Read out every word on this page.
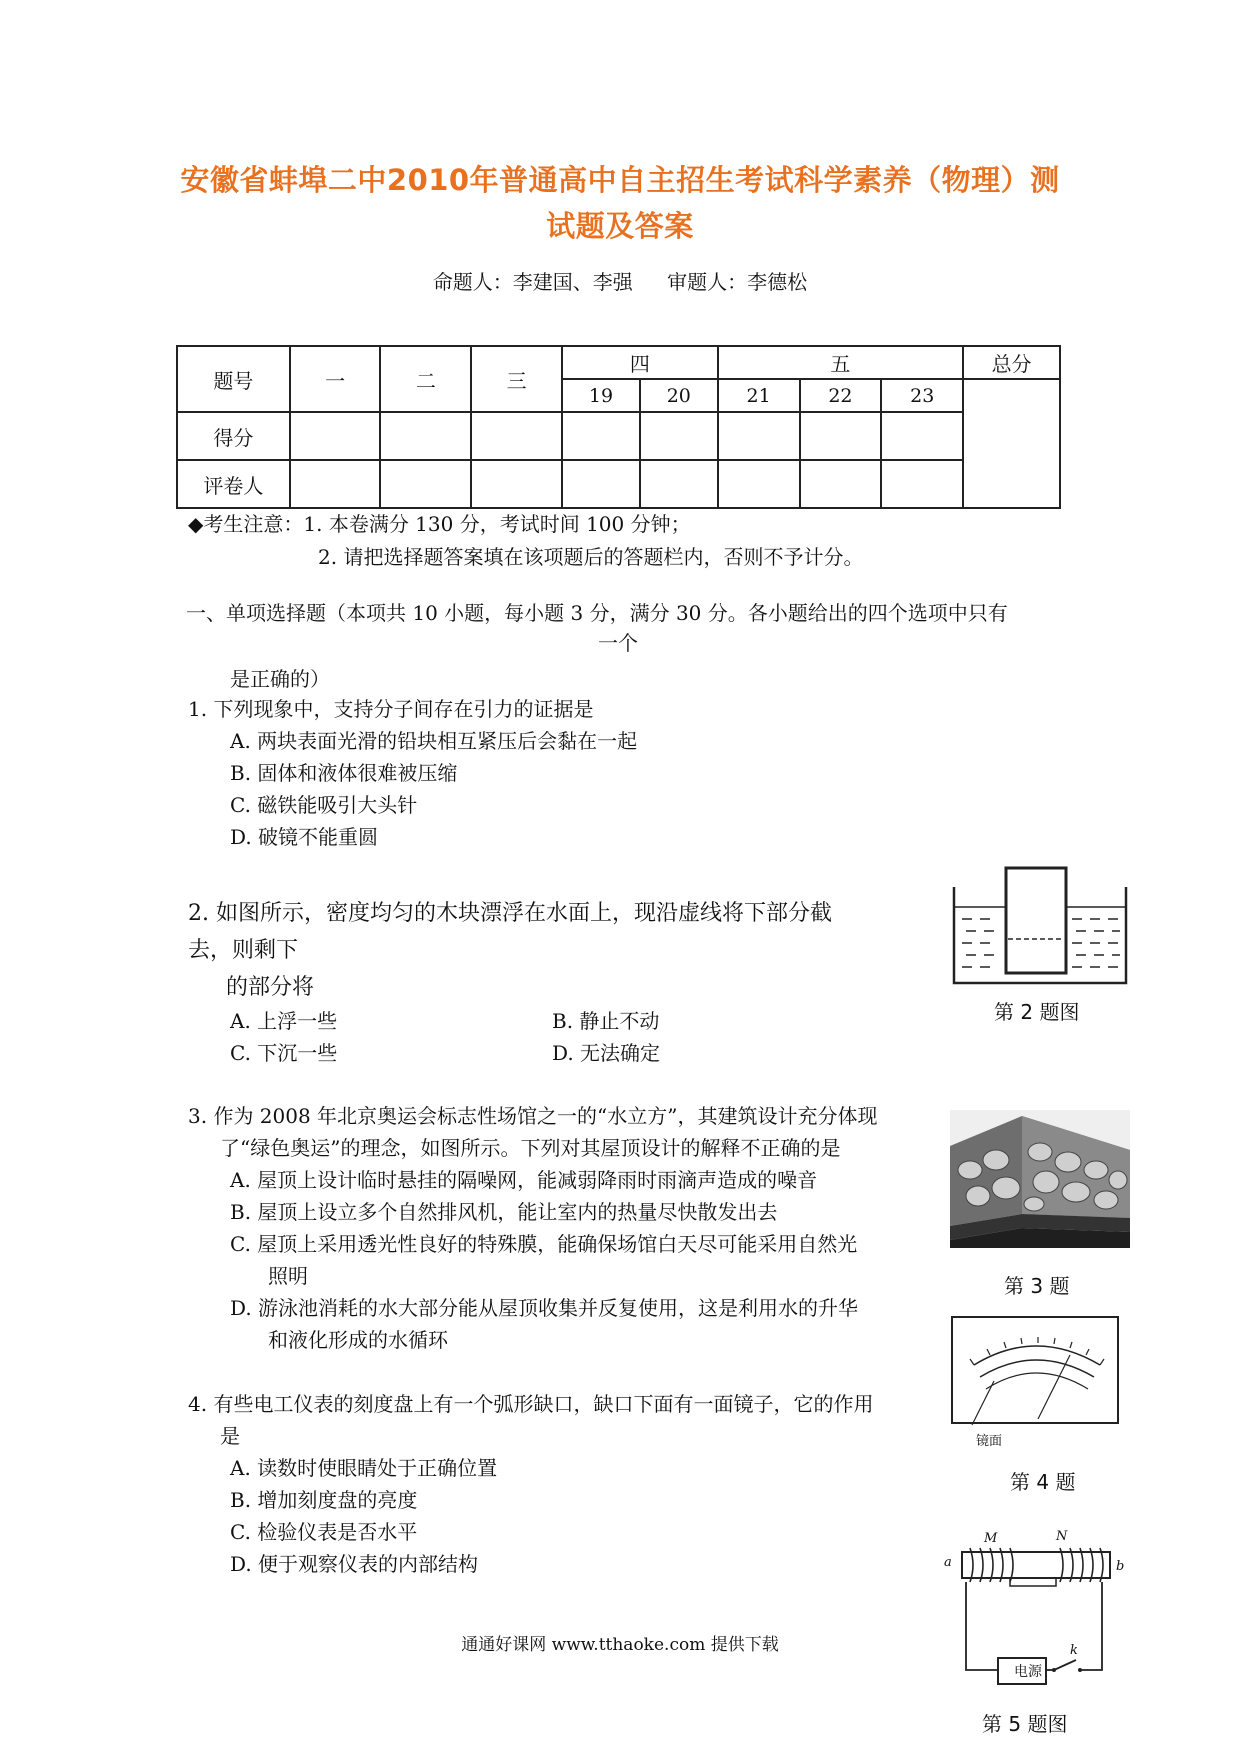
安徽省蚌埠二中2010年普通高中自主招生考试科学素养（物理）测
试题及答案
命题人：李建国、李强 审题人：李德松
题号	一	二	三	四		五			总分
				19	20	21	22	23	
得分									
评卷人									
◆考生注意：1. 本卷满分 130 分，考试时间 100 分钟；
2. 请把选择题答案填在该项题后的答题栏内，否则不予计分。
一、单项选择题（本项共 10 小题，每小题 3 分，满分 30 分。各小题给出的四个选项中只有
一个
是正确的）
1. 下列现象中，支持分子间存在引力的证据是
A. 两块表面光滑的铅块相互紧压后会黏在一起
B. 固体和液体很难被压缩
C. 磁铁能吸引大头针
D. 破镜不能重圆
2. 如图所示，密度均匀的木块漂浮在水面上，现沿虚线将下部分截
去，则剩下
的部分将
A. 上浮一些	B. 静止不动
C. 下沉一些	D. 无法确定
3. 作为 2008 年北京奥运会标志性场馆之一的“水立方”，其建筑设计充分体现
了“绿色奥运”的理念，如图所示。下列对其屋顶设计的解释不正确的是
A. 屋顶上设计临时悬挂的隔噪网，能减弱降雨时雨滴声造成的噪音
B. 屋顶上设立多个自然排风机，能让室内的热量尽快散发出去
C. 屋顶上采用透光性良好的特殊膜，能确保场馆白天尽可能采用自然光
照明
D. 游泳池消耗的水大部分能从屋顶收集并反复使用，这是利用水的升华
和液化形成的水循环
4. 有些电工仪表的刻度盘上有一个弧形缺口，缺口下面有一面镜子，它的作用
是
A. 读数时使眼睛处于正确位置
B. 增加刻度盘的亮度
C. 检验仪表是否水平
D. 便于观察仪表的内部结构
第 2 题图
第 3 题
镜面
第 4 题
电源
M	N
a	b
k
第 5 题图
通通好课网 www.tthaoke.com 提供下载
